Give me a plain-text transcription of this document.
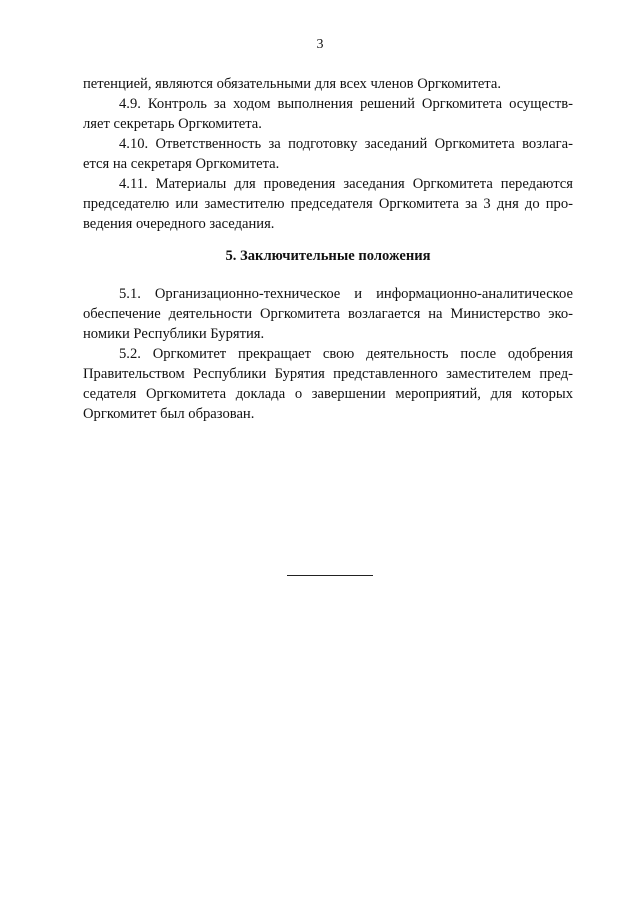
3
петенцией, являются обязательными для всех членов Оргкомитета.
4.9. Контроль за ходом выполнения решений Оргкомитета осуществ-
ляет секретарь Оргкомитета.
4.10. Ответственность за подготовку заседаний Оргкомитета возлага-
ется на секретаря Оргкомитета.
4.11. Материалы для проведения заседания Оргкомитета передаются
председателю или заместителю председателя Оргкомитета за 3 дня до про-
ведения очередного заседания.
5. Заключительные положения
5.1. Организационно-техническое и информационно-аналитическое
обеспечение деятельности Оргкомитета возлагается на Министерство эко-
номики Республики Бурятия.
5.2. Оргкомитет прекращает свою деятельность после одобрения
Правительством Республики Бурятия представленного заместителем пред-
седателя Оргкомитета доклада о завершении мероприятий, для которых
Оргкомитет был образован.
